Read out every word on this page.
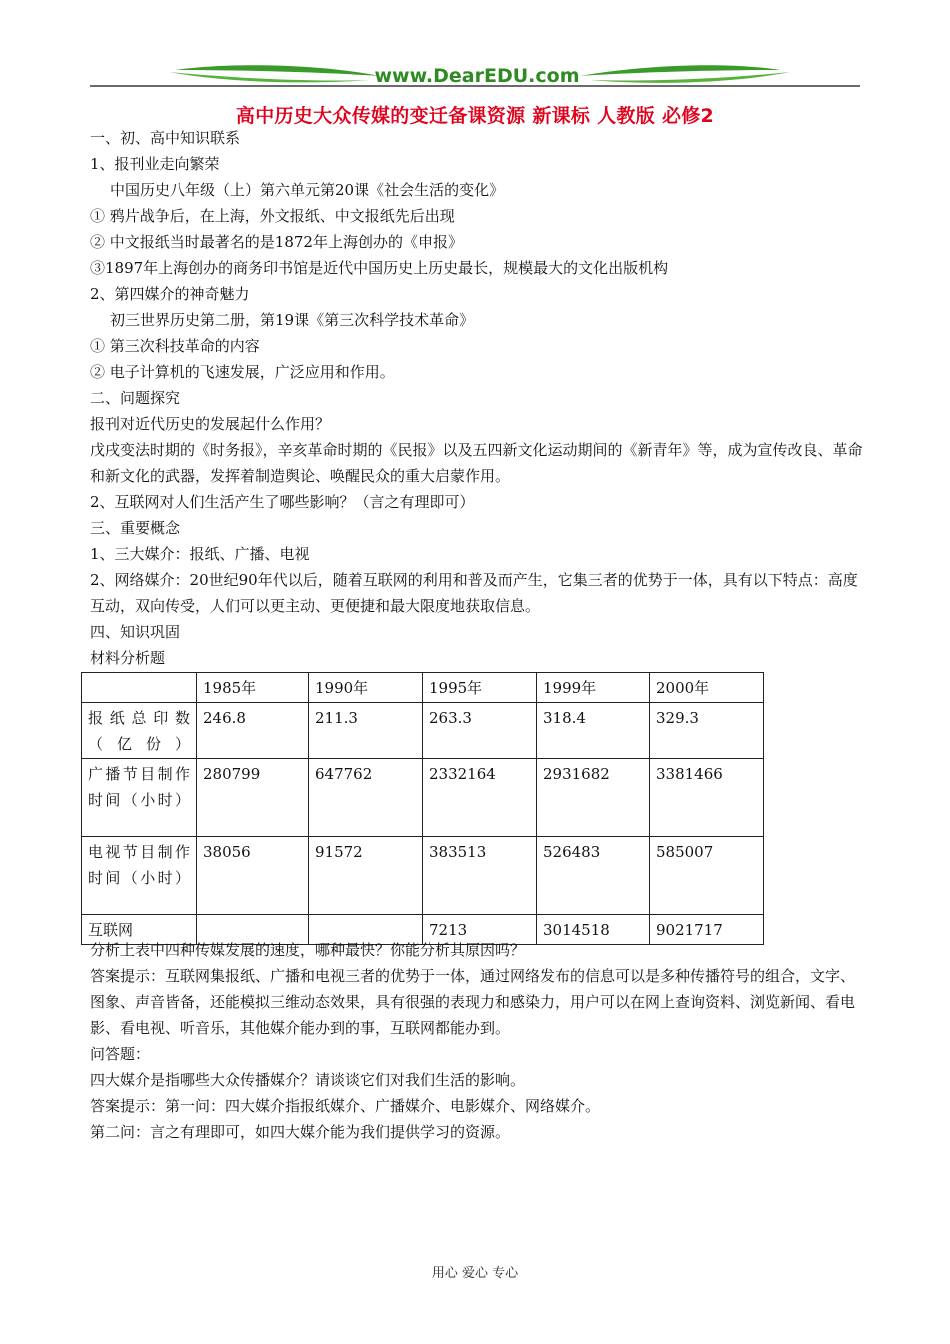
www.DearEDU.com
高中历史大众传媒的变迁备课资源 新课标 人教版 必修2
一、初、高中知识联系
1、报刊业走向繁荣
中国历史八年级（上）第六单元第20课《社会生活的变化》
① 鸦片战争后，在上海，外文报纸、中文报纸先后出现
② 中文报纸当时最著名的是1872年上海创办的《申报》
③1897年上海创办的商务印书馆是近代中国历史上历史最长，规模最大的文化出版机构
2、第四媒介的神奇魅力
初三世界历史第二册，第19课《第三次科学技术革命》
① 第三次科技革命的内容
② 电子计算机的飞速发展，广泛应用和作用。
二、问题探究
报刊对近代历史的发展起什么作用？
戊戌变法时期的《时务报》，辛亥革命时期的《民报》以及五四新文化运动期间的《新青年》等，成为宣传改良、革命和新文化的武器，发挥着制造舆论、唤醒民众的重大启蒙作用。
2、互联网对人们生活产生了哪些影响？（言之有理即可）
三、重要概念
1、三大媒介：报纸、广播、电视
2、网络媒介：20世纪90年代以后，随着互联网的利用和普及而产生，它集三者的优势于一体，具有以下特点：高度互动，双向传受，人们可以更主动、更便捷和最大限度地获取信息。
四、知识巩固
材料分析题
	1985年	1990年	1995年	1999年	2000年
报纸总印数（亿份）	246.8	211.3	263.3	318.4	329.3
广播节目制作时间（小时）	280799	647762	2332164	2931682	3381466
电视节目制作时间（小时）	38056	91572	383513	526483	585007
互联网			7213	3014518	9021717
分析上表中四种传媒发展的速度，哪种最快？你能分析其原因吗？
答案提示：互联网集报纸、广播和电视三者的优势于一体，通过网络发布的信息可以是多种传播符号的组合，文字、图象、声音皆备，还能模拟三维动态效果，具有很强的表现力和感染力，用户可以在网上查询资料、浏览新闻、看电影、看电视、听音乐，其他媒介能办到的事，互联网都能办到。
问答题：
四大媒介是指哪些大众传播媒介？请谈谈它们对我们生活的影响。
答案提示：第一问：四大媒介指报纸媒介、广播媒介、电影媒介、网络媒介。
第二问：言之有理即可，如四大媒介能为我们提供学习的资源。
用心 爱心 专心
